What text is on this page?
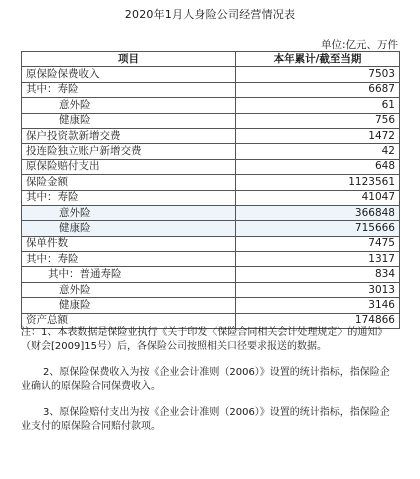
2020年1月人身险公司经营情况表
单位:亿元、万件
项目	本年累计/截至当期
原保险保费收入	7503
其中：寿险	6687
意外险	61
健康险	756
保户投资款新增交费	1472
投连险独立账户新增交费	42
原保险赔付支出	648
保险金额	1123561
其中：寿险	41047
意外险	366848
健康险	715666
保单件数	7475
其中：寿险	1317
其中：普通寿险	834
意外险	3013
健康险	3146
资产总额	174866

注：1、本表数据是保险业执行《关于印发〈保险合同相关会计处理规定〉的通知》（财会[2009]15号）后，各保险公司按照相关口径要求报送的数据。

2、原保险保费收入为按《企业会计准则（2006）》设置的统计指标，指保险企业确认的原保险合同保费收入。

3、原保险赔付支出为按《企业会计准则（2006）》设置的统计指标，指保险企业支付的原保险合同赔付款项。
